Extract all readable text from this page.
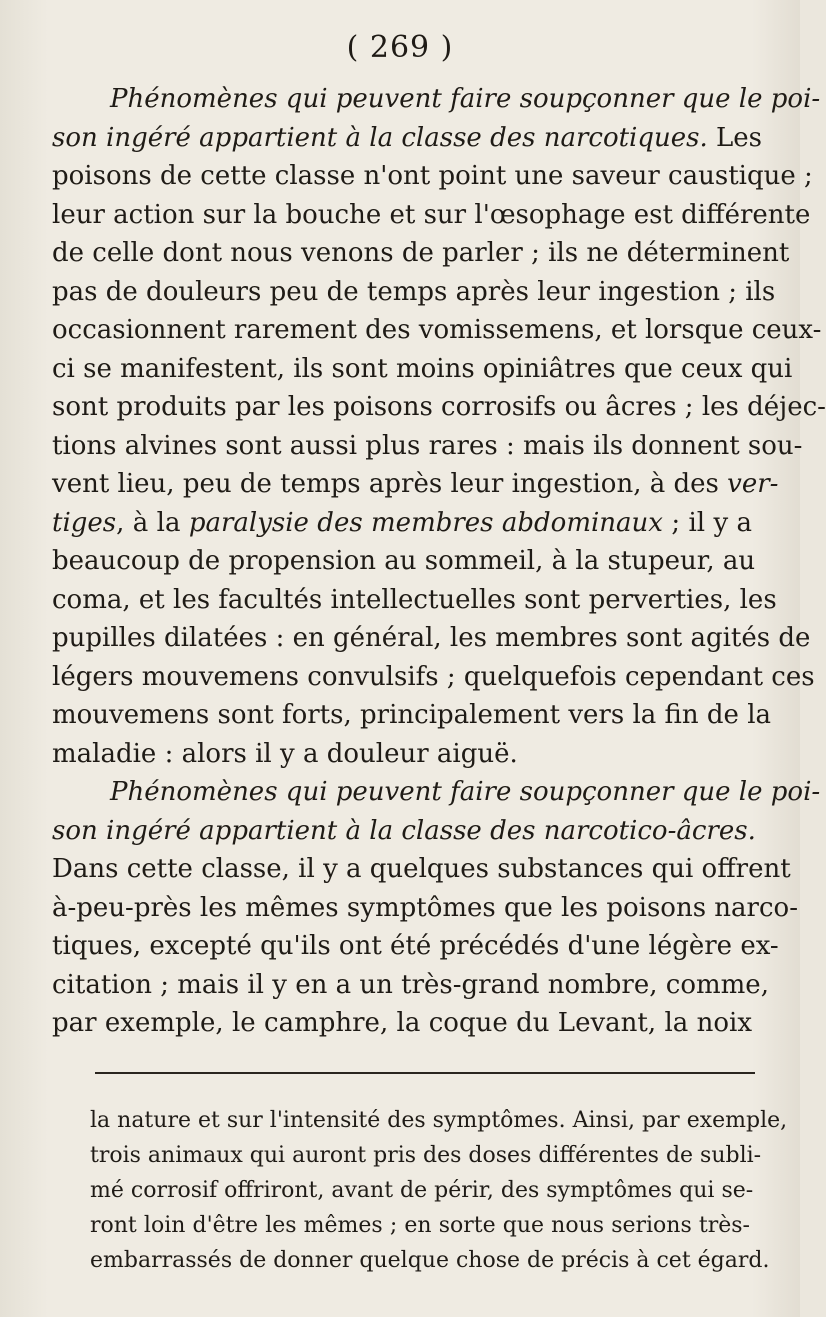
( 269 )
Phénomènes qui peuvent faire soupçonner que le poi-
son ingéré appartient à la classe des narcotiques. Les
poisons de cette classe n'ont point une saveur caustique ;
leur action sur la bouche et sur l'œsophage est différente
de celle dont nous venons de parler ; ils ne déterminent
pas de douleurs peu de temps après leur ingestion ; ils
occasionnent rarement des vomissemens, et lorsque ceux-
ci se manifestent, ils sont moins opiniâtres que ceux qui
sont produits par les poisons corrosifs ou âcres ; les déjec-
tions alvines sont aussi plus rares : mais ils donnent sou-
vent lieu, peu de temps après leur ingestion, à des ver-
tiges, à la paralysie des membres abdominaux ; il y a
beaucoup de propension au sommeil, à la stupeur, au
coma, et les facultés intellectuelles sont perverties, les
pupilles dilatées : en général, les membres sont agités de
légers mouvemens convulsifs ; quelquefois cependant ces
mouvemens sont forts, principalement vers la fin de la
maladie : alors il y a douleur aiguë.
Phénomènes qui peuvent faire soupçonner que le poi-
son ingéré appartient à la classe des narcotico-âcres.
Dans cette classe, il y a quelques substances qui offrent
à-peu-près les mêmes symptômes que les poisons narco-
tiques, excepté qu'ils ont été précédés d'une légère ex-
citation ; mais il y en a un très-grand nombre, comme,
par exemple, le camphre, la coque du Levant, la noix
la nature et sur l'intensité des symptômes. Ainsi, par exemple,
trois animaux qui auront pris des doses différentes de subli-
mé corrosif offriront, avant de périr, des symptômes qui se-
ront loin d'être les mêmes ; en sorte que nous serions très-
embarrassés de donner quelque chose de précis à cet égard.
